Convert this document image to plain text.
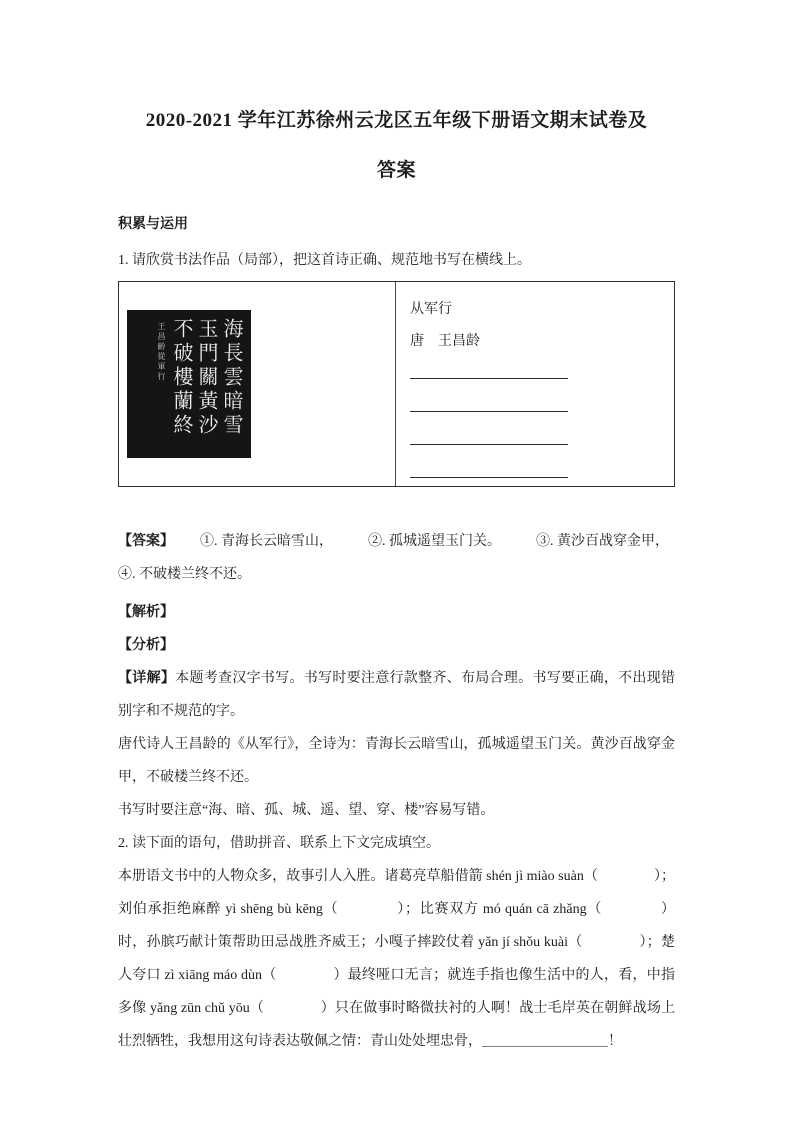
2020-2021 学年江苏徐州云龙区五年级下册语文期末试卷及
答案
积累与运用

1. 请欣赏书法作品（局部），把这首诗正确、规范地书写在横线上。

海長雲暗雪
玉門關黃沙
不破樓蘭終
王昌齡從軍行
从军行
唐　王昌龄

【答案】 ①. 青海长云暗雪山，　　　②. 孤城遥望玉门关。　　　③. 黄沙百战穿金甲，

④. 不破楼兰终不还。

【解析】

【分析】

【详解】本题考查汉字书写。书写时要注意行款整齐、布局合理。书写要正确，不出现错别字和不规范的字。

唐代诗人王昌龄的《从军行》，全诗为：青海长云暗雪山，孤城遥望玉门关。黄沙百战穿金甲，不破楼兰终不还。

书写时要注意“海、暗、孤、城、遥、望、穿、楼”容易写错。

2. 读下面的语句，借助拼音、联系上下文完成填空。

本册语文书中的人物众多，故事引人入胜。诸葛亮草船借箭 shén jì miào suàn（　　　　）；刘伯承拒绝麻醉 yì shēng bù kēng（　　　　）；比赛双方 mó quán cā zhǎng（　　　　）时，孙膑巧献计策帮助田忌战胜齐威王；小嘎子摔跤仗着 yǎn jí shǒu kuài（　　　　）；楚人夸口 zì xiāng máo dùn（　　　　）最终哑口无言；就连手指也像生活中的人，看，中指多像 yǎng zūn chǔ yōu（　　　　）只在做事时略微扶衬的人啊！战士毛岸英在朝鲜战场上壮烈牺牲，我想用这句诗表达敬佩之情：青山处处埋忠骨，＿＿＿＿＿＿＿＿＿！
